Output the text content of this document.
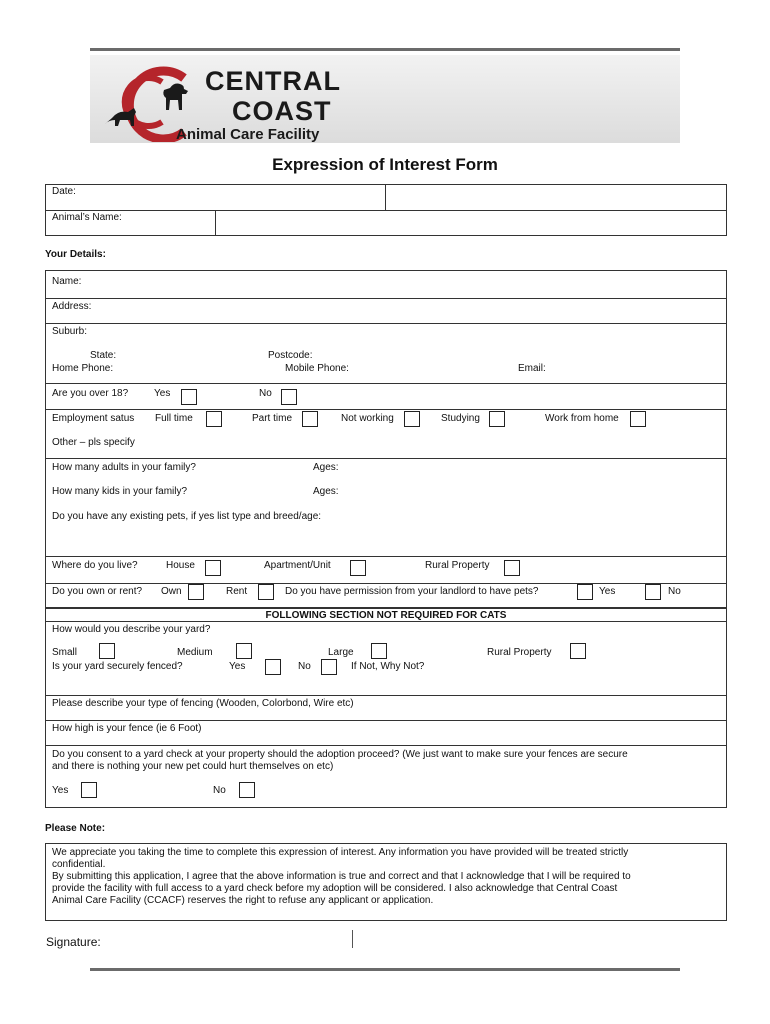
CENTRAL
COAST
Animal Care Facility
Expression of Interest Form
Date:
Animal’s Name:
Your Details:
Name:
Address:
Suburb:
State:	Postcode:
Home Phone:	Mobile Phone:	Email:
Are you over 18?	Yes	No
Employment satus Full time	Part time	Not working	Studying	Work from home
Other – pls specify
How many adults in your family?	Ages:
How many kids in your family?	Ages:
Do you have any existing pets, if yes list type and breed/age:
Where do you live?	House	Apartment/Unit	Rural Property
Do you own or rent? Own	Rent	Do you have permission from your landlord to have pets?	Yes	No
FOLLOWING SECTION NOT REQUIRED FOR CATS
How would you describe your yard?
Small	Medium	Large	Rural Property
Is your yard securely fenced?	Yes	No	If Not, Why Not?
Please describe your type of fencing (Wooden, Colorbond, Wire etc)
How high is your fence (ie 6 Foot)
Do you consent to a yard check at your property should the adoption proceed? (We just want to make sure your fences are secure
and there is nothing your new pet could hurt themselves on etc)
Yes	No
Please Note:
We appreciate you taking the time to complete this expression of interest. Any information you have provided will be treated strictly
confidential.
By submitting this application, I agree that the above information is true and correct and that I acknowledge that I will be required to
provide the facility with full access to a yard check before my adoption will be considered. I also acknowledge that Central Coast
Animal Care Facility (CCACF) reserves the right to refuse any applicant or application.
Signature:
